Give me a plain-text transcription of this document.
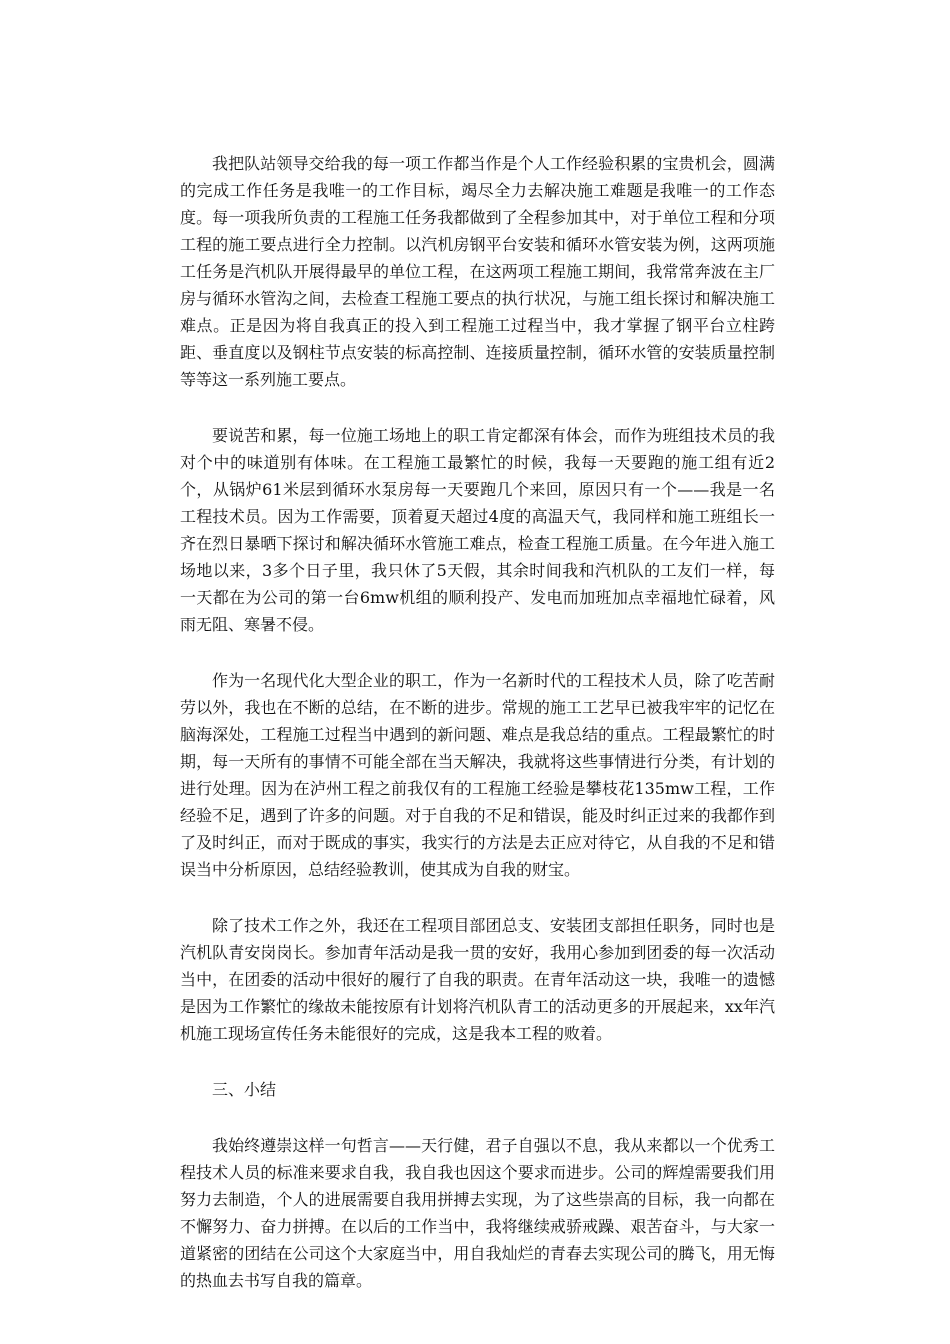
我把队站领导交给我的每一项工作都当作是个人工作经验积累的宝贵机会，圆满的完成工作任务是我唯一的工作目标，竭尽全力去解决施工难题是我唯一的工作态度。每一项我所负责的工程施工任务我都做到了全程参加其中，对于单位工程和分项工程的施工要点进行全力控制。以汽机房钢平台安装和循环水管安装为例，这两项施工任务是汽机队开展得最早的单位工程，在这两项工程施工期间，我常常奔波在主厂房与循环水管沟之间，去检查工程施工要点的执行状况，与施工组长探讨和解决施工难点。正是因为将自我真正的投入到工程施工过程当中，我才掌握了钢平台立柱跨距、垂直度以及钢柱节点安装的标高控制、连接质量控制，循环水管的安装质量控制等等这一系列施工要点。

要说苦和累，每一位施工场地上的职工肯定都深有体会，而作为班组技术员的我对个中的味道别有体味。在工程施工最繁忙的时候，我每一天要跑的施工组有近2个，从锅炉61米层到循环水泵房每一天要跑几个来回，原因只有一个——我是一名工程技术员。因为工作需要，顶着夏天超过4度的高温天气，我同样和施工班组长一齐在烈日暴晒下探讨和解决循环水管施工难点，检查工程施工质量。在今年进入施工场地以来，3多个日子里，我只休了5天假，其余时间我和汽机队的工友们一样，每一天都在为公司的第一台6mw机组的顺利投产、发电而加班加点幸福地忙碌着，风雨无阻、寒暑不侵。

作为一名现代化大型企业的职工，作为一名新时代的工程技术人员，除了吃苦耐劳以外，我也在不断的总结，在不断的进步。常规的施工工艺早已被我牢牢的记忆在脑海深处，工程施工过程当中遇到的新问题、难点是我总结的重点。工程最繁忙的时期，每一天所有的事情不可能全部在当天解决，我就将这些事情进行分类，有计划的进行处理。因为在泸州工程之前我仅有的工程施工经验是攀枝花135mw工程，工作经验不足，遇到了许多的问题。对于自我的不足和错误，能及时纠正过来的我都作到了及时纠正，而对于既成的事实，我实行的方法是去正应对待它，从自我的不足和错误当中分析原因，总结经验教训，使其成为自我的财宝。

除了技术工作之外，我还在工程项目部团总支、安装团支部担任职务，同时也是汽机队青安岗岗长。参加青年活动是我一贯的安好，我用心参加到团委的每一次活动当中，在团委的活动中很好的履行了自我的职责。在青年活动这一块，我唯一的遗憾是因为工作繁忙的缘故未能按原有计划将汽机队青工的活动更多的开展起来，xx年汽机施工现场宣传任务未能很好的完成，这是我本工程的败着。

三、小结

我始终遵崇这样一句哲言——天行健，君子自强以不息，我从来都以一个优秀工程技术人员的标准来要求自我，我自我也因这个要求而进步。公司的辉煌需要我们用努力去制造，个人的进展需要自我用拼搏去实现，为了这些崇高的目标，我一向都在不懈努力、奋力拼搏。在以后的工作当中，我将继续戒骄戒躁、艰苦奋斗，与大家一道紧密的团结在公司这个大家庭当中，用自我灿烂的青春去实现公司的腾飞，用无悔的热血去书写自我的篇章。
